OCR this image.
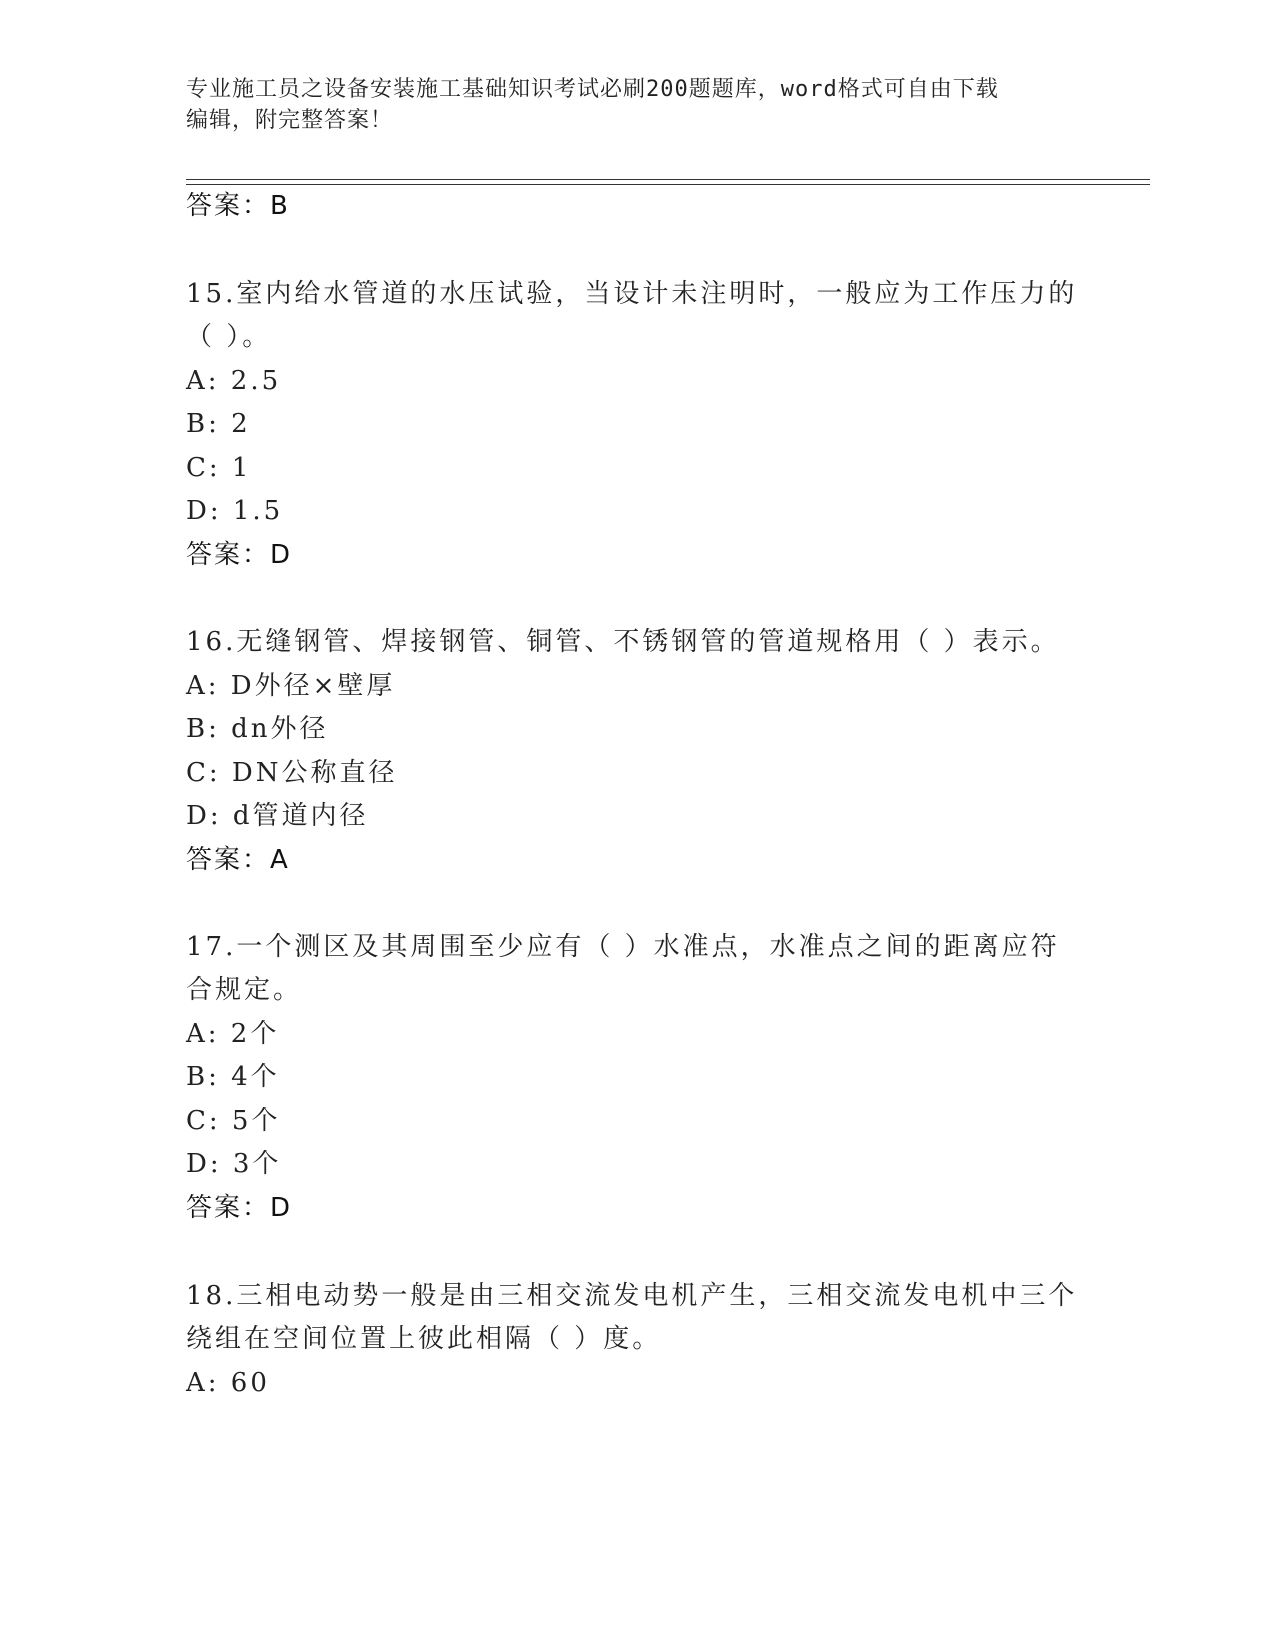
专业施工员之设备安装施工基础知识考试必刷200题题库，word格式可自由下载
编辑，附完整答案！
答案：B
15.室内给水管道的水压试验，当设计未注明时，一般应为工作压力的
（ ）。
A: 2.5
B: 2
C: 1
D: 1.5
答案：D
16.无缝钢管、焊接钢管、铜管、不锈钢管的管道规格用（ ）表示。
A: D外径×壁厚
B: dn外径
C: DN公称直径
D: d管道内径
答案：A
17.一个测区及其周围至少应有（ ）水准点，水准点之间的距离应符
合规定。
A: 2个
B: 4个
C: 5个
D: 3个
答案：D
18.三相电动势一般是由三相交流发电机产生，三相交流发电机中三个
绕组在空间位置上彼此相隔（ ）度。
A: 60
